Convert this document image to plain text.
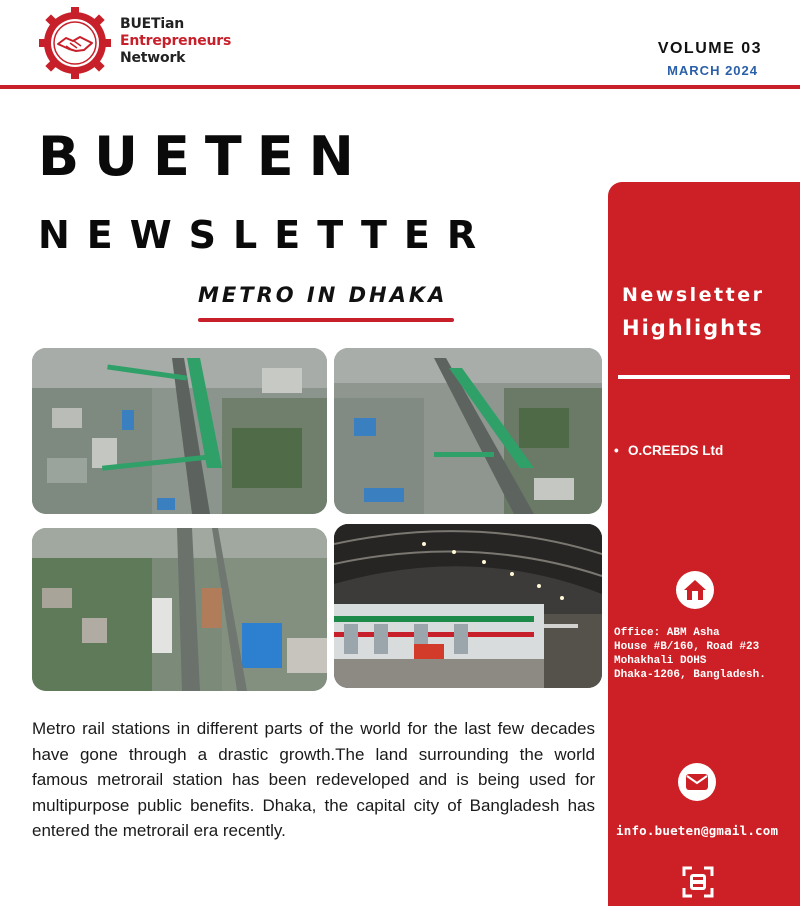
BUETian
Entrepreneurs
Network
VOLUME 03
MARCH 2024
BUETEN
NEWSLETTER
METRO IN DHAKA
Metro rail stations in different parts of the world for the last few decades have gone through a drastic growth.The land surrounding the world famous metrorail station has been redeveloped and is being used for multipurpose public benefits. Dhaka, the capital city of Bangladesh has entered the metrorail era recently.
Newsletter
Highlights
• O.CREEDS Ltd
Office: ABM Asha
House #B/160, Road #23
Mohakhali DOHS
Dhaka-1206, Bangladesh.
info.bueten@gmail.com
